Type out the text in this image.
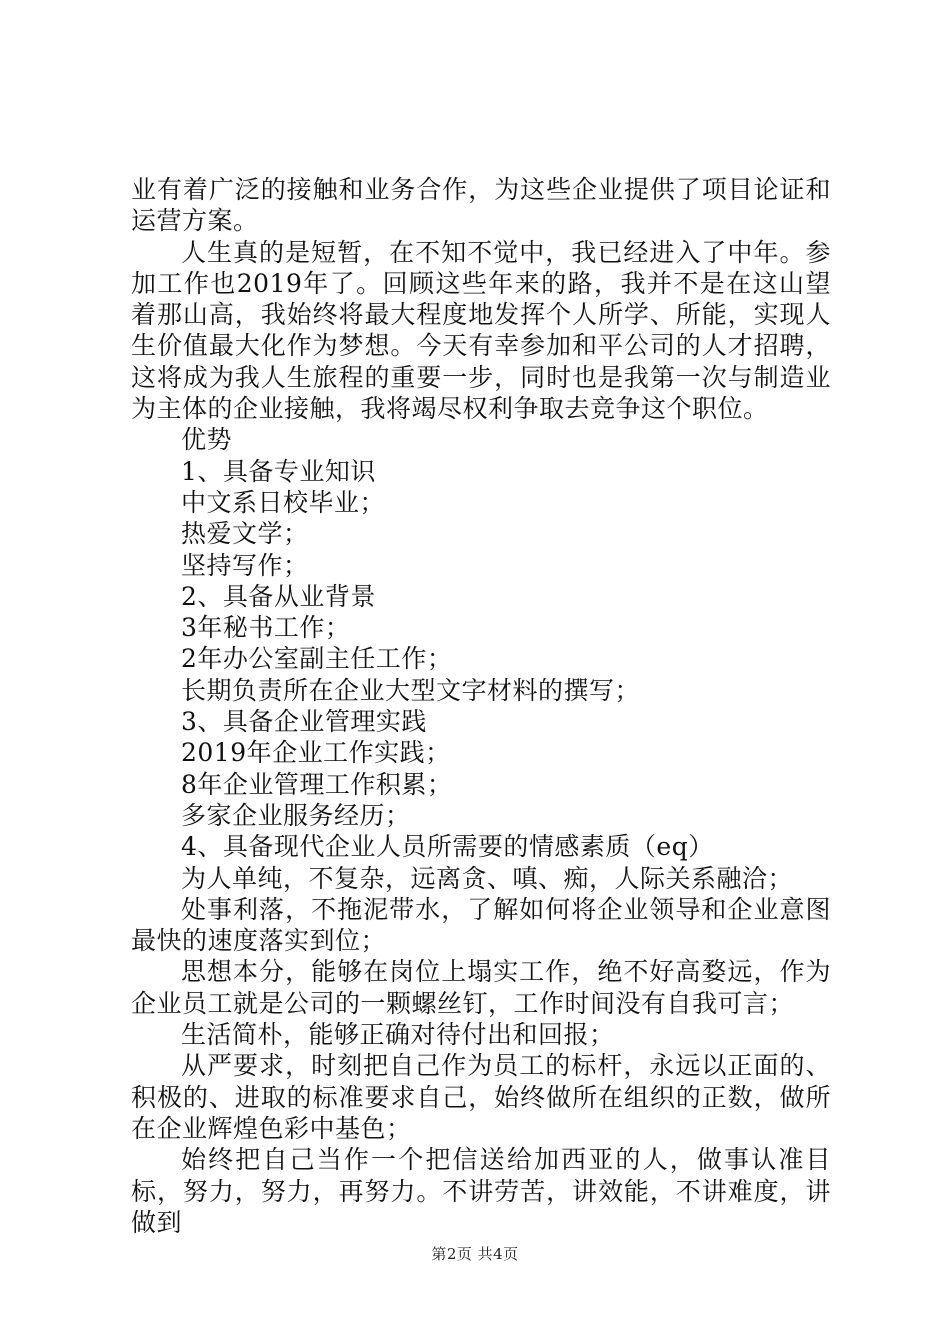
业有着广泛的接触和业务合作，为这些企业提供了项目论证和运营方案。

人生真的是短暂，在不知不觉中，我已经进入了中年。参加工作也2019年了。回顾这些年来的路，我并不是在这山望着那山高，我始终将最大程度地发挥个人所学、所能，实现人生价值最大化作为梦想。今天有幸参加和平公司的人才招聘，这将成为我人生旅程的重要一步，同时也是我第一次与制造业为主体的企业接触，我将竭尽权利争取去竞争这个职位。

优势

1、具备专业知识

中文系日校毕业；

热爱文学；

坚持写作；

2、具备从业背景

3年秘书工作；

2年办公室副主任工作；

长期负责所在企业大型文字材料的撰写；

3、具备企业管理实践

2019年企业工作实践；

8年企业管理工作积累；

多家企业服务经历；

4、具备现代企业人员所需要的情感素质（eq）

为人单纯，不复杂，远离贪、嗔、痴，人际关系融洽；

处事利落，不拖泥带水，了解如何将企业领导和企业意图最快的速度落实到位；

思想本分，能够在岗位上塌实工作，绝不好高婺远，作为企业员工就是公司的一颗螺丝钉，工作时间没有自我可言；

生活简朴，能够正确对待付出和回报；

从严要求，时刻把自己作为员工的标杆，永远以正面的、积极的、进取的标准要求自己，始终做所在组织的正数，做所在企业辉煌色彩中基色；

始终把自己当作一个把信送给加西亚的人，做事认准目标，努力，努力，再努力。不讲劳苦，讲效能，不讲难度，讲做到

第2页 共4页
